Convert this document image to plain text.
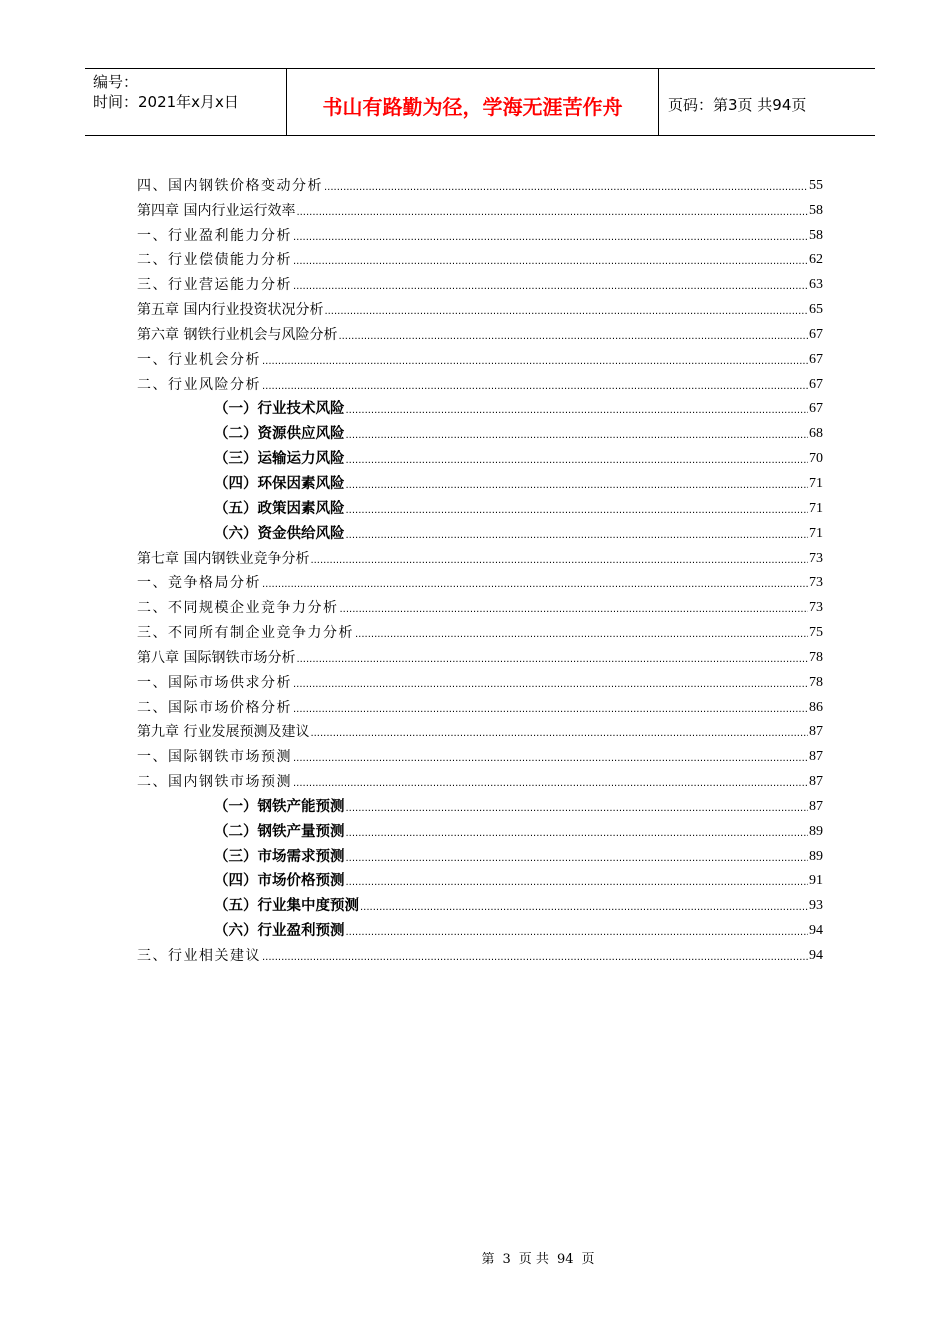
编号：
时间：2021年x月x日	书山有路勤为径，学海无涯苦作舟	页码：第3页 共94页
四、国内钢铁价格变动分析 .....	55
第四章 国内行业运行效率 .....	58
一、行业盈利能力分析 .....	58
二、行业偿债能力分析 .....	62
三、行业营运能力分析 .....	63
第五章 国内行业投资状况分析 .....	65
第六章 钢铁行业机会与风险分析 .....	67
一、行业机会分析 .....	67
二、行业风险分析 .....	67
（一）行业技术风险 .....	67
（二）资源供应风险 .....	68
（三）运输运力风险 .....	70
（四）环保因素风险 .....	71
（五）政策因素风险 .....	71
（六）资金供给风险 .....	71
第七章 国内钢铁业竞争分析 .....	73
一、竞争格局分析 .....	73
二、不同规模企业竞争力分析 .....	73
三、不同所有制企业竞争力分析 .....	75
第八章 国际钢铁市场分析 .....	78
一、国际市场供求分析 .....	78
二、国际市场价格分析 .....	86
第九章 行业发展预测及建议 .....	87
一、国际钢铁市场预测 .....	87
二、国内钢铁市场预测 .....	87
（一）钢铁产能预测 .....	87
（二）钢铁产量预测 .....	89
（三）市场需求预测 .....	89
（四）市场价格预测 .....	91
（五）行业集中度预测 .....	93
（六）行业盈利预测 .....	94
三、行业相关建议 .....	94
第 3 页 共 94 页
